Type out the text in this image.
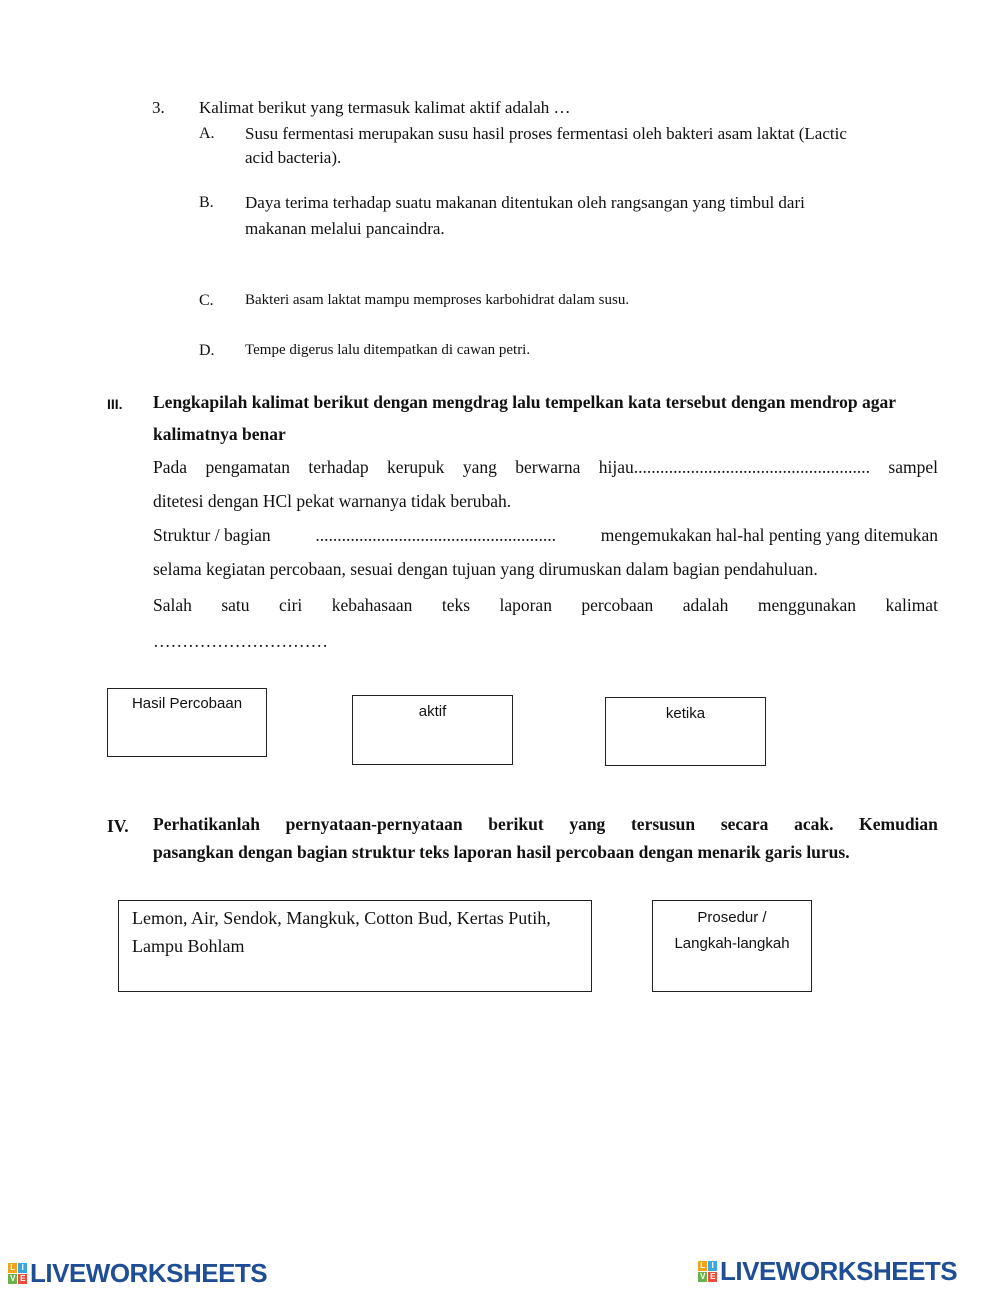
3. Kalimat berikut yang termasuk kalimat aktif adalah …
A. Susu fermentasi merupakan susu hasil proses fermentasi oleh bakteri asam laktat (Lactic
acid bacteria).
B. Daya terima terhadap suatu makanan ditentukan oleh rangsangan yang timbul dari
makanan melalui pancaindra.
C. Bakteri asam laktat mampu memproses karbohidrat dalam susu.
D. Tempe digerus lalu ditempatkan di cawan petri.
III. Lengkapilah kalimat berikut dengan mengdrag lalu tempelkan kata tersebut dengan mendrop agar
kalimatnya benar
Pada pengamatan terhadap kerupuk yang berwarna hijau...................................................... sampel
ditetesi dengan HCl pekat warnanya tidak berubah.
Struktur / bagian	.......................................................	mengemukakan hal-hal penting yang ditemukan
selama kegiatan percobaan, sesuai dengan tujuan yang dirumuskan dalam bagian pendahuluan.
Salah satu ciri kebahasaan teks laporan percobaan adalah menggunakan kalimat
…………………………
Hasil Percobaan	aktif	ketika
IV. Perhatikanlah pernyataan-pernyataan berikut yang tersusun secara acak. Kemudian
pasangkan dengan bagian struktur teks laporan hasil percobaan dengan menarik garis lurus.
Lemon, Air, Sendok, Mangkuk, Cotton Bud, Kertas Putih,
Lampu Bohlam
Prosedur /
Langkah-langkah
L I
V E LIVEWORKSHEETS	L I
V E LIVEWORKSHEETS
